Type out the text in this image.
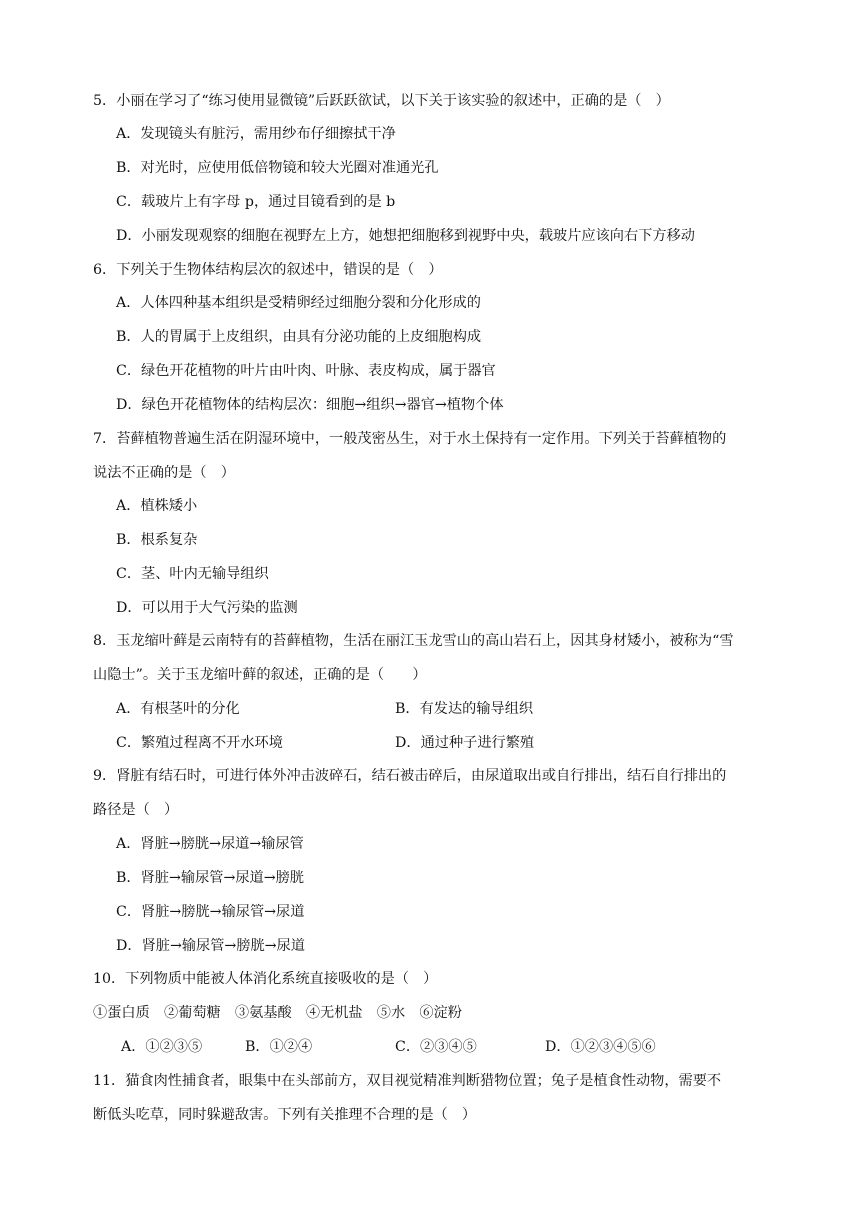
5．小丽在学习了“练习使用显微镜”后跃跃欲试，以下关于该实验的叙述中，正确的是（　）
A．发现镜头有脏污，需用纱布仔细擦拭干净
B．对光时，应使用低倍物镜和较大光圈对准通光孔
C．载玻片上有字母 p，通过目镜看到的是 b
D．小丽发现观察的细胞在视野左上方，她想把细胞移到视野中央，载玻片应该向右下方移动
6．下列关于生物体结构层次的叙述中，错误的是（　）
A．人体四种基本组织是受精卵经过细胞分裂和分化形成的
B．人的胃属于上皮组织，由具有分泌功能的上皮细胞构成
C．绿色开花植物的叶片由叶肉、叶脉、表皮构成，属于器官
D．绿色开花植物体的结构层次：细胞→组织→器官→植物个体
7．苔藓植物普遍生活在阴湿环境中，一般茂密丛生，对于水土保持有一定作用。下列关于苔藓植物的
说法不正确的是（　）
A．植株矮小
B．根系复杂
C．茎、叶内无输导组织
D．可以用于大气污染的监测
8．玉龙缩叶藓是云南特有的苔藓植物，生活在丽江玉龙雪山的高山岩石上，因其身材矮小，被称为“雪
山隐士”。关于玉龙缩叶藓的叙述，正确的是（　　）
A．有根茎叶的分化	B．有发达的输导组织
C．繁殖过程离不开水环境	D．通过种子进行繁殖
9．肾脏有结石时，可进行体外冲击波碎石，结石被击碎后，由尿道取出或自行排出，结石自行排出的
路径是（　）
A．肾脏→膀胱→尿道→输尿管
B．肾脏→输尿管→尿道→膀胱
C．肾脏→膀胱→输尿管→尿道
D．肾脏→输尿管→膀胱→尿道
10．下列物质中能被人体消化系统直接吸收的是（　）
①蛋白质　②葡萄糖　③氨基酸　④无机盐　⑤水　⑥淀粉
A．①②③⑤	B．①②④	C．②③④⑤	D．①②③④⑤⑥
11．猫食肉性捕食者，眼集中在头部前方，双目视觉精准判断猎物位置；兔子是植食性动物，需要不
断低头吃草，同时躲避敌害。下列有关推理不合理的是（　）
